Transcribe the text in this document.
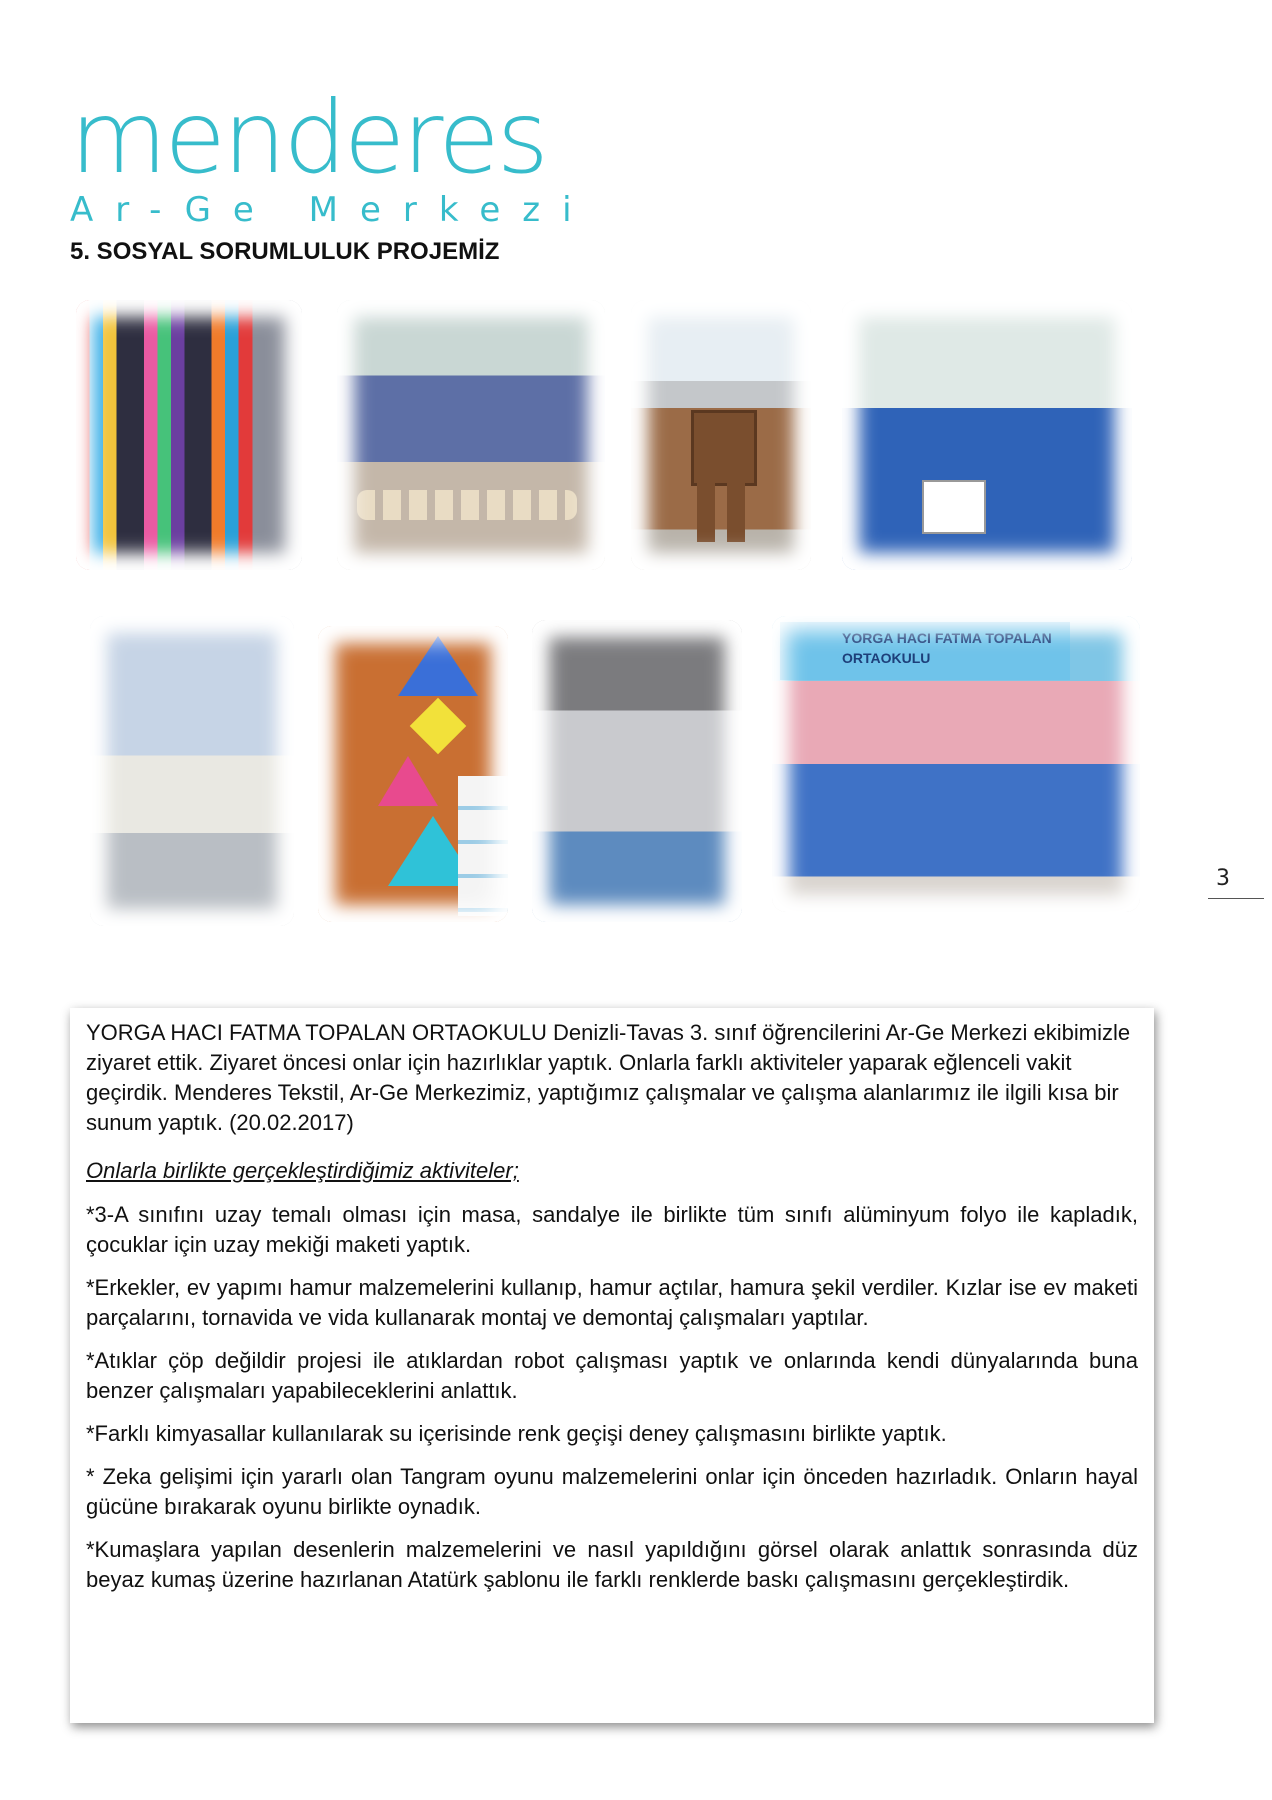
menderes
Ar-Ge Merkezi
5. SOSYAL SORUMLULUK PROJEMİZ
YORGA HACI FATMA TOPALAN
ORTAOKULU
3

YORGA HACI FATMA TOPALAN ORTAOKULU Denizli-Tavas 3. sınıf öğrencilerini Ar-Ge Merkezi ekibimizle ziyaret ettik. Ziyaret öncesi onlar için hazırlıklar yaptık. Onlarla farklı aktiviteler yaparak eğlenceli vakit geçirdik. Menderes Tekstil, Ar-Ge Merkezimiz, yaptığımız çalışmalar ve çalışma alanlarımız ile ilgili kısa bir sunum yaptık. (20.02.2017)

Onlarla birlikte gerçekleştirdiğimiz aktiviteler;

*3-A sınıfını uzay temalı olması için masa, sandalye ile birlikte tüm sınıfı alüminyum folyo ile kapladık, çocuklar için uzay mekiği maketi yaptık.

*Erkekler, ev yapımı hamur malzemelerini kullanıp, hamur açtılar, hamura şekil verdiler. Kızlar ise ev maketi parçalarını, tornavida ve vida kullanarak montaj ve demontaj çalışmaları yaptılar.

*Atıklar çöp değildir projesi ile atıklardan robot çalışması yaptık ve onlarında kendi dünyalarında buna benzer çalışmaları yapabileceklerini anlattık.

*Farklı kimyasallar kullanılarak su içerisinde renk geçişi deney çalışmasını birlikte yaptık.

* Zeka gelişimi için yararlı olan Tangram oyunu malzemelerini onlar için önceden hazırladık. Onların hayal gücüne bırakarak oyunu birlikte oynadık.

*Kumaşlara yapılan desenlerin malzemelerini ve nasıl yapıldığını görsel olarak anlattık sonrasında düz beyaz kumaş üzerine hazırlanan Atatürk şablonu ile farklı renklerde baskı çalışmasını gerçekleştirdik.
